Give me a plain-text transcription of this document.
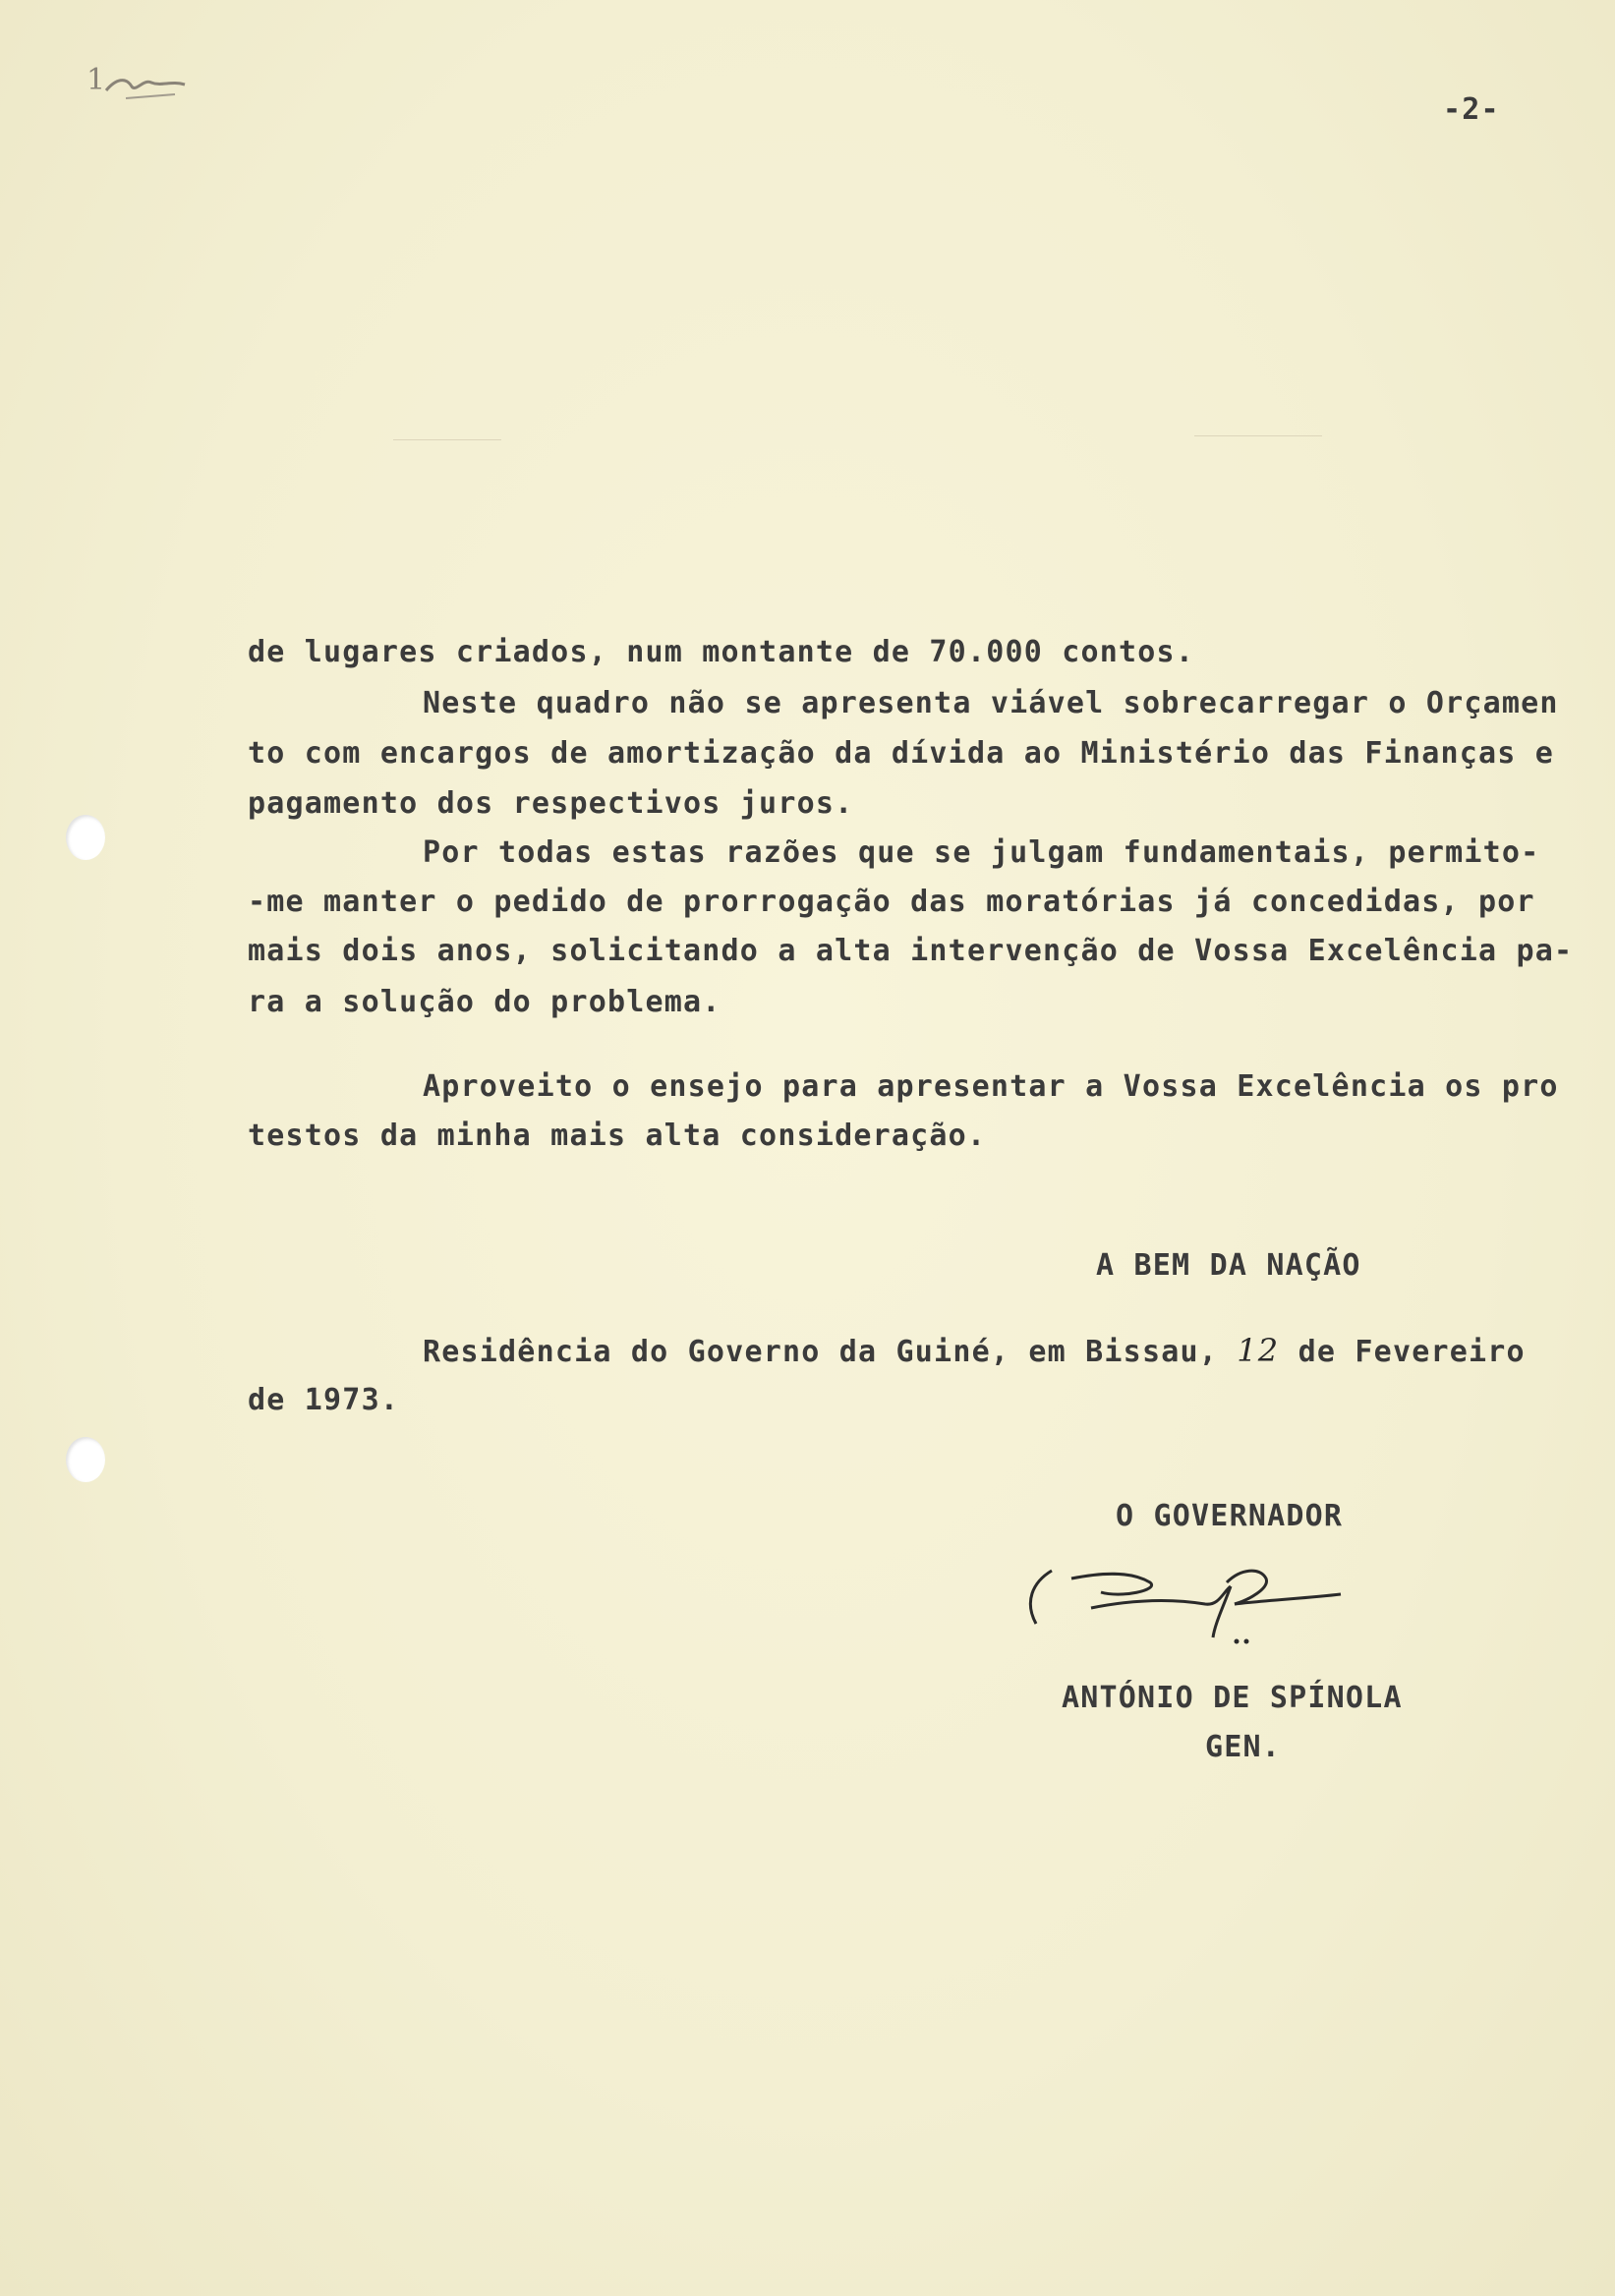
1
-2-
de lugares criados, num montante de 70.000 contos.
Neste quadro não se apresenta viável sobrecarregar o Orçamen
to com encargos de amortização da dívida ao Ministério das Finanças e
pagamento dos respectivos juros.
Por todas estas razões que se julgam fundamentais, permito-
-me manter o pedido de prorrogação das moratórias já concedidas, por
mais dois anos, solicitando a alta intervenção de Vossa Excelência pa-
ra a solução do problema.
Aproveito o ensejo para apresentar a Vossa Excelência os pro
testos da minha mais alta consideração.
A BEM DA NAÇÃO
Residência do Governo da Guiné, em Bissau, 12 de Fevereiro
de 1973.
O GOVERNADOR
ANTÓNIO DE SPÍNOLA
GEN.
